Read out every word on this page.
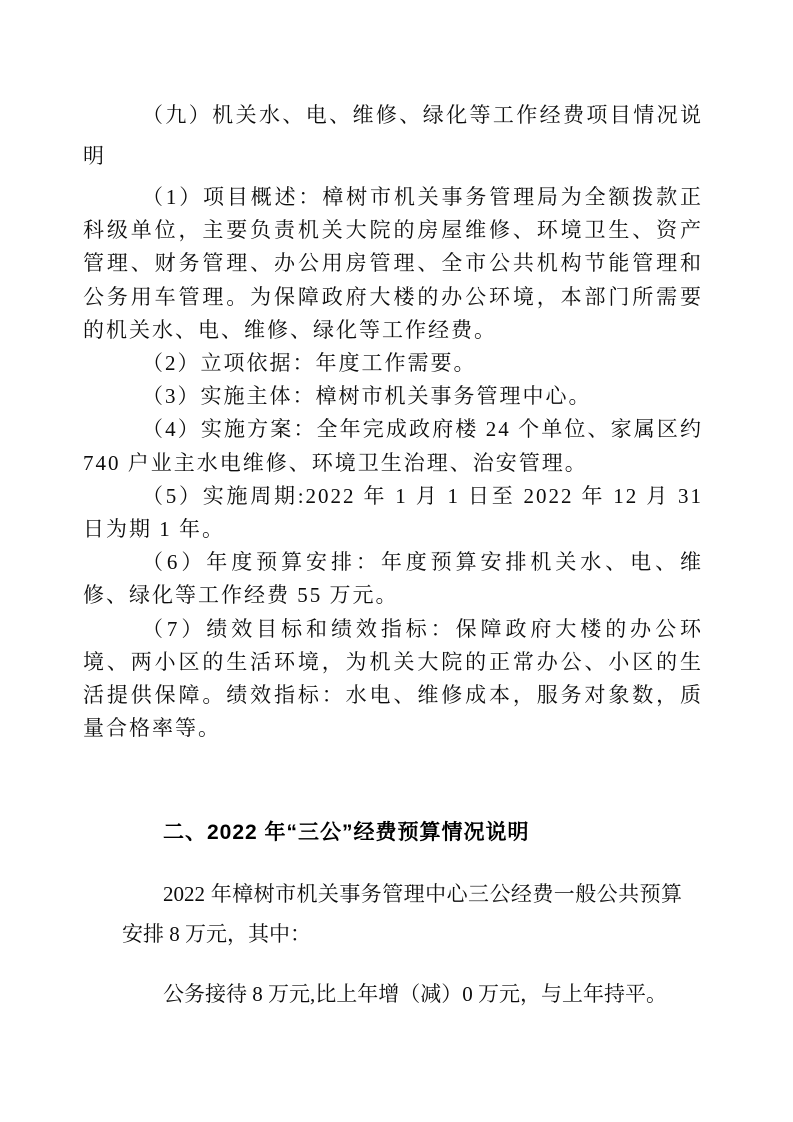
（九）机关水、电、维修、绿化等工作经费项目情况说明

（1）项目概述：樟树市机关事务管理局为全额拨款正科级单位，主要负责机关大院的房屋维修、环境卫生、资产管理、财务管理、办公用房管理、全市公共机构节能管理和公务用车管理。为保障政府大楼的办公环境，本部门所需要的机关水、电、维修、绿化等工作经费。

（2）立项依据：年度工作需要。

（3）实施主体：樟树市机关事务管理中心。

（4）实施方案：全年完成政府楼 24 个单位、家属区约 740 户业主水电维修、环境卫生治理、治安管理。

（5）实施周期:2022 年 1 月 1 日至 2022 年 12 月 31 日为期 1 年。

（6）年度预算安排：年度预算安排机关水、电、维修、绿化等工作经费 55 万元。

（7）绩效目标和绩效指标：保障政府大楼的办公环境、两小区的生活环境，为机关大院的正常办公、小区的生活提供保障。绩效指标：水电、维修成本，服务对象数，质量合格率等。

二、2022 年“三公”经费预算情况说明

2022 年樟树市机关事务管理中心三公经费一般公共预算安排 8 万元，其中：

公务接待 8 万元,比上年增（减）0 万元，与上年持平。
